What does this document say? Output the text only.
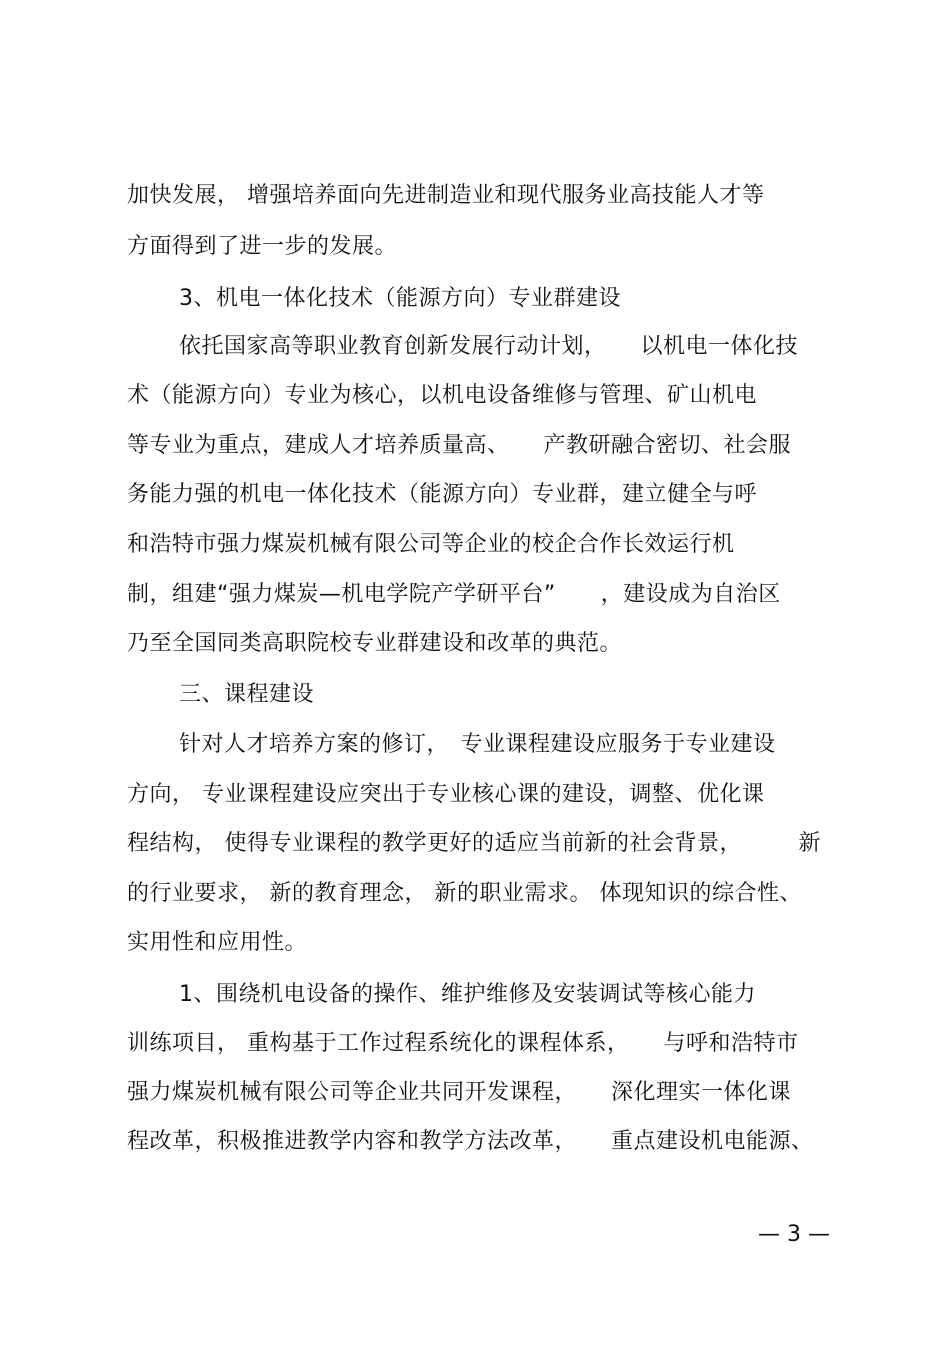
加快发展， 增强培养面向先进制造业和现代服务业高技能人才等
方面得到了进一步的发展。
3、机电一体化技术（能源方向）专业群建设
依托国家高等职业教育创新发展行动计划，　　以机电一体化技
术（能源方向）专业为核心，以机电设备维修与管理、矿山机电
等专业为重点，建成人才培养质量高、　　产教研融合密切、社会服
务能力强的机电一体化技术（能源方向）专业群，建立健全与呼
和浩特市强力煤炭机械有限公司等企业的校企合作长效运行机
制，组建“强力煤炭—机电学院产学研平台”　　，建设成为自治区
乃至全国同类高职院校专业群建设和改革的典范。
三、课程建设
针对人才培养方案的修订，　专业课程建设应服务于专业建设
方向， 专业课程建设应突出于专业核心课的建设，调整、优化课
程结构， 使得专业课程的教学更好的适应当前新的社会背景，　　　新
的行业要求， 新的教育理念， 新的职业需求。 体现知识的综合性、
实用性和应用性。
1、围绕机电设备的操作、维护维修及安装调试等核心能力
训练项目， 重构基于工作过程系统化的课程体系，　　与呼和浩特市
强力煤炭机械有限公司等企业共同开发课程，　　深化理实一体化课
程改革，积极推进教学内容和教学方法改革，　　重点建设机电能源、
— 3 —
